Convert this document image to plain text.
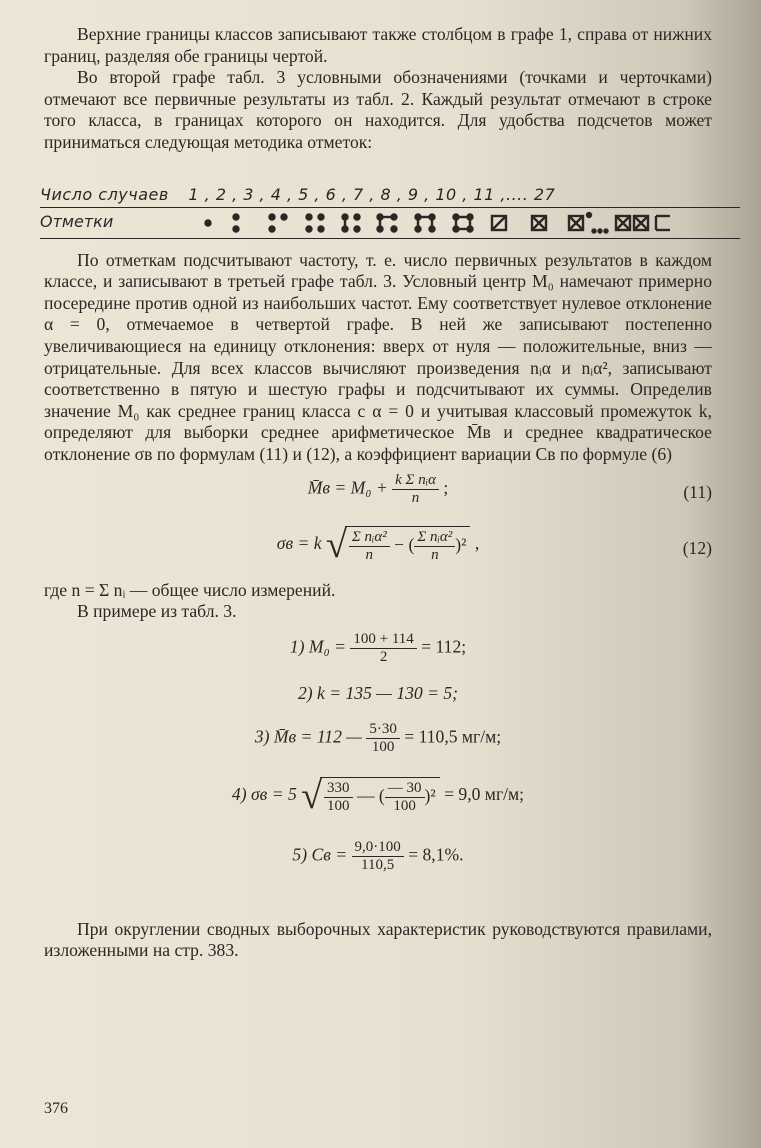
Верхние границы классов записывают также столбцом в графе 1, справа от нижних границ, разделяя обе границы чертой.

Во второй графе табл. 3 условными обозначениями (точками и черточками) отмечают все первичные результаты из табл. 2. Каждый результат отмечают в строке того класса, в границах которого он находится. Для удобства подсчетов может приниматься следующая методика отметок:

Число случаев 1 , 2 , 3 , 4 , 5 , 6 , 7 , 8 , 9 , 10 , 11 ,.... 27
Отметки

По отметкам подсчитывают частоту, т. е. число первичных результатов в каждом классе, и записывают в третьей графе табл. 3. Условный центр M₀ намечают примерно посередине против одной из наибольших частот. Ему соответствует нулевое отклонение α = 0, отмечаемое в четвертой графе. В ней же записывают постепенно увеличивающиеся на единицу отклонения: вверх от нуля — положительные, вниз — отрицательные. Для всех классов вычисляют произведения nᵢα и nᵢα², записывают соответственно в пятую и шестую графы и подсчитывают их суммы. Определив значение M₀ как среднее границ класса с α = 0 и учитывая классовый промежуток k, определяют для выборки среднее арифметическое M̄в и среднее квадратическое отклонение σв по формулам (11) и (12), а коэффициент вариации Cв по формуле (6)

M̄в = $M_0 + \frac{\text{k Σ nᵢα}}{n}$ ;	(11)
σв = k √ $\frac{\text{Σ nᵢα²}}{n}$ − ( $\frac{\text{Σ nᵢα²}}{n} )^2$ ,	(12)

где n = Σ nᵢ — общее число измерений.

В примере из табл. 3.

1) $M_0 = \frac{100 + 114}{2} = 112$;
2) k = 135 — 130 = 5;
3) M̄в = 112 — $\frac{5\cdot 30}{100} = 110,5$ мг/м;
4) σв = 5 √ $\frac{330}{100}$ — ( $\frac{— 30}{100} )^2 = 9,0$ мг/м;
5) Cв = $\frac{9,0\cdot 100}{110,5} = 8,1\%$.

При округлении сводных выборочных характеристик руководствуются правилами, изложенными на стр. 383.

376
